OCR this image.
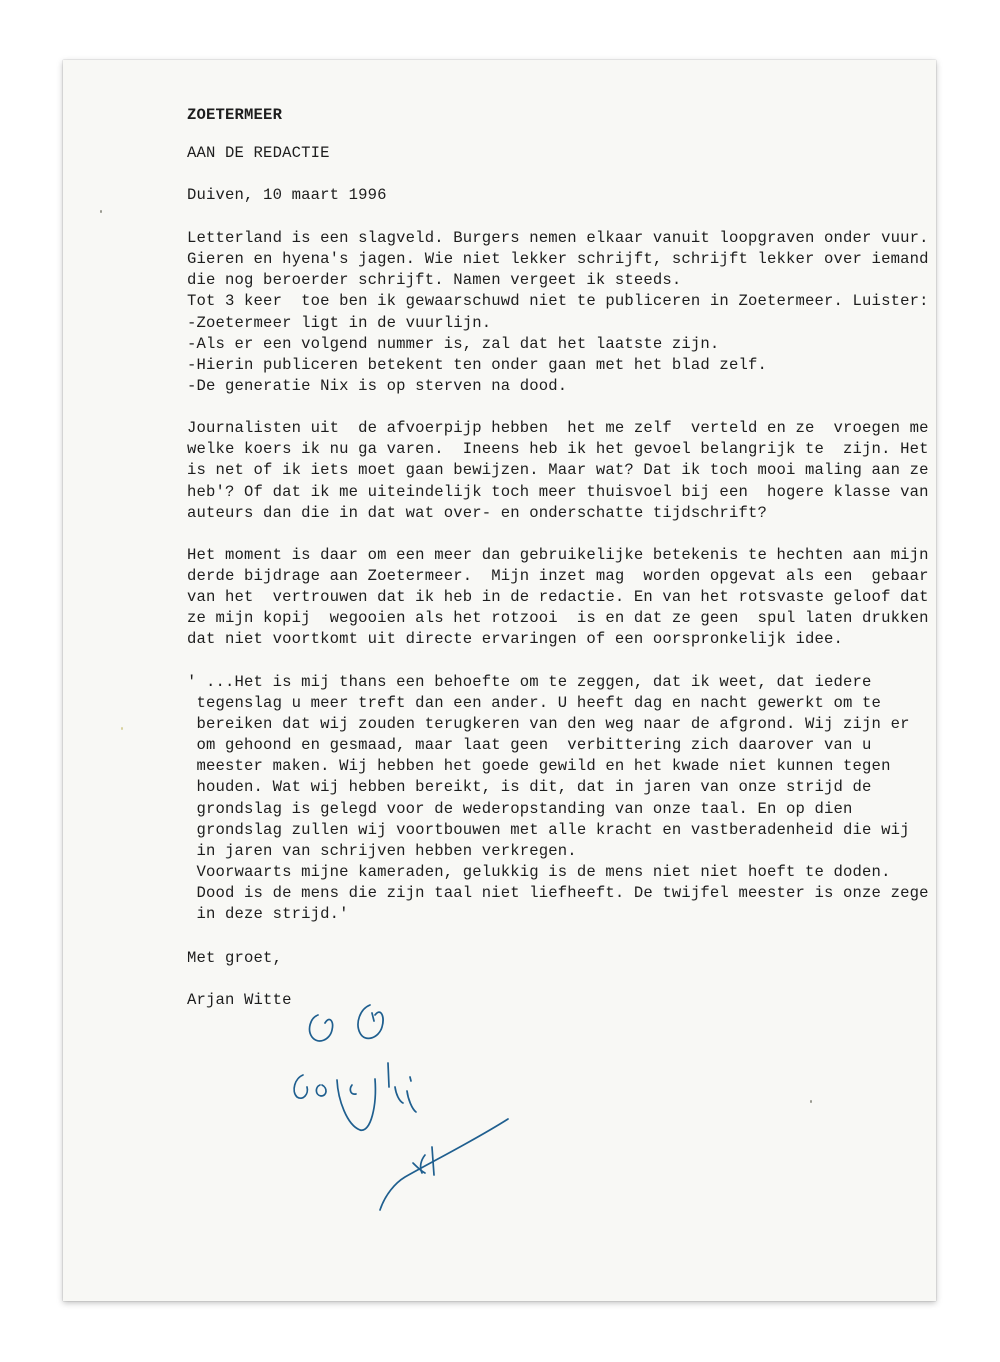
ZOETERMEER
AAN DE REDACTIE
Duiven, 10 maart 1996
Letterland is een slagveld. Burgers nemen elkaar vanuit loopgraven onder vuur.
Gieren en hyena's jagen. Wie niet lekker schrijft, schrijft lekker over iemand
die nog beroerder schrijft. Namen vergeet ik steeds.
Tot 3 keer  toe ben ik gewaarschuwd niet te publiceren in Zoetermeer. Luister:
-Zoetermeer ligt in de vuurlijn.
-Als er een volgend nummer is, zal dat het laatste zijn.
-Hierin publiceren betekent ten onder gaan met het blad zelf.
-De generatie Nix is op sterven na dood.
Journalisten uit  de afvoerpijp hebben  het me zelf  verteld en ze  vroegen me
welke koers ik nu ga varen.  Ineens heb ik het gevoel belangrijk te  zijn. Het
is net of ik iets moet gaan bewijzen. Maar wat? Dat ik toch mooi maling aan ze
heb'? Of dat ik me uiteindelijk toch meer thuisvoel bij een  hogere klasse van
auteurs dan die in dat wat over- en onderschatte tijdschrift?
Het moment is daar om een meer dan gebruikelijke betekenis te hechten aan mijn
derde bijdrage aan Zoetermeer.  Mijn inzet mag  worden opgevat als een  gebaar
van het  vertrouwen dat ik heb in de redactie. En van het rotsvaste geloof dat
ze mijn kopij  wegooien als het rotzooi  is en dat ze geen  spul laten drukken
dat niet voortkomt uit directe ervaringen of een oorspronkelijk idee.
' ...Het is mij thans een behoefte om te zeggen, dat ik weet, dat iedere
tegenslag u meer treft dan een ander. U heeft dag en nacht gewerkt om te
bereiken dat wij zouden terugkeren van den weg naar de afgrond. Wij zijn er
om gehoond en gesmaad, maar laat geen  verbittering zich daarover van u
meester maken. Wij hebben het goede gewild en het kwade niet kunnen tegen
houden. Wat wij hebben bereikt, is dit, dat in jaren van onze strijd de
grondslag is gelegd voor de wederopstanding van onze taal. En op dien
grondslag zullen wij voortbouwen met alle kracht en vastberadenheid die wij
in jaren van schrijven hebben verkregen.
Voorwaarts mijne kameraden, gelukkig is de mens niet niet hoeft te doden.
Dood is de mens die zijn taal niet liefheeft. De twijfel meester is onze zege
in deze strijd.'
Met groet,
Arjan Witte
